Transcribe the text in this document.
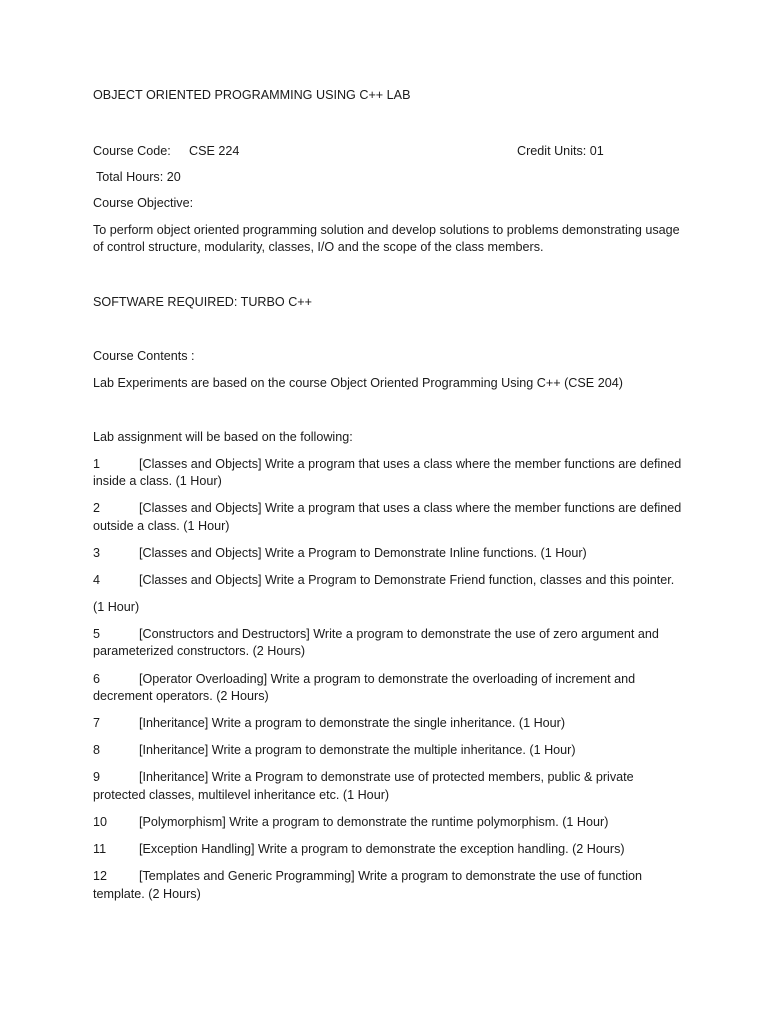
OBJECT ORIENTED PROGRAMMING USING C++ LAB
Course Code: CSE 224	Credit Units: 01
Total Hours: 20
Course Objective:
To perform object oriented programming solution and develop solutions to problems demonstrating usage of control structure, modularity, classes, I/O and the scope of the class members.
SOFTWARE REQUIRED: TURBO C++
Course Contents :
Lab Experiments are based on the course Object Oriented Programming Using C++ (CSE 204)
Lab assignment will be based on the following:
1	[Classes and Objects] Write a program that uses a class where the member functions are defined inside a class. (1 Hour)
2	[Classes and Objects] Write a program that uses a class where the member functions are defined outside a class. (1 Hour)
3	[Classes and Objects] Write a Program to Demonstrate Inline functions. (1 Hour)
4	[Classes and Objects] Write a Program to Demonstrate Friend function, classes and this pointer.
(1 Hour)
5	[Constructors and Destructors] Write a program to demonstrate the use of zero argument and parameterized constructors. (2 Hours)
6	[Operator Overloading] Write a program to demonstrate the overloading of increment and decrement operators. (2 Hours)
7	[Inheritance] Write a program to demonstrate the single inheritance. (1 Hour)
8	[Inheritance] Write a program to demonstrate the multiple inheritance. (1 Hour)
9	[Inheritance] Write a Program to demonstrate use of protected members, public & private protected classes, multilevel inheritance etc. (1 Hour)
10	[Polymorphism] Write a program to demonstrate the runtime polymorphism. (1 Hour)
11	[Exception Handling] Write a program to demonstrate the exception handling. (2 Hours)
12	[Templates and Generic Programming] Write a program to demonstrate the use of function template. (2 Hours)
